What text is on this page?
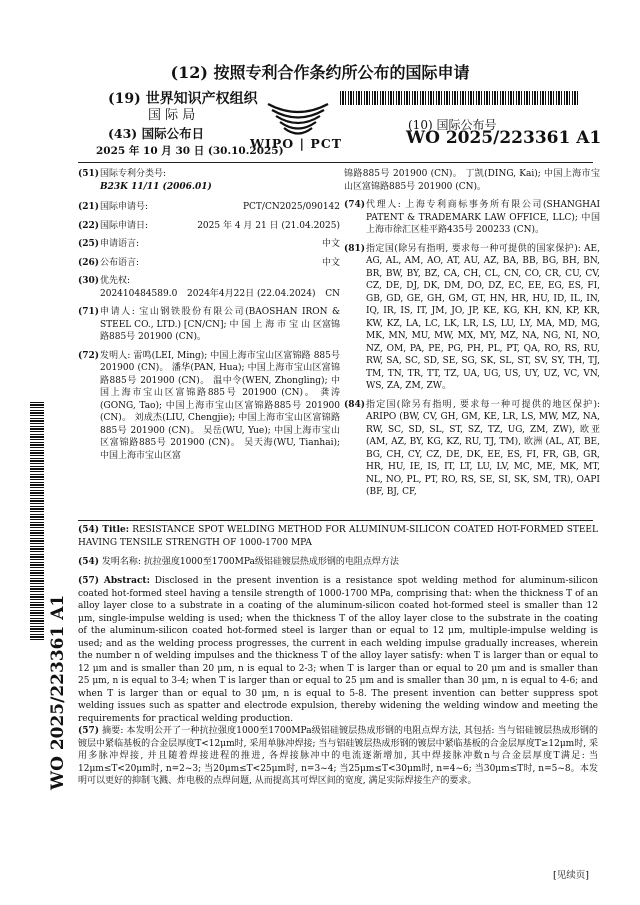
(12) 按照专利合作条约所公布的国际申请
(19) 世界知识产权组织
国 际 局
(43) 国际公布日
2025 年 10 月 30 日 (30.10.2025)
WIPO | PCT
(10) 国际公布号
WO 2025/223361 A1
(51) 国际专利分类号:
B23K 11/11 (2006.01)
(21) 国际申请号:	PCT/CN2025/090142
(22) 国际申请日:	2025 年 4 月 21 日 (21.04.2025)
(25) 申请语言:	中文
(26) 公布语言:	中文
(30) 优先权:
202410484589.0 2024年4月22日 (22.04.2024) CN
(71) 申请人: 宝山钢铁股份有限公司(BAOSHAN IRON & STEEL CO., LTD.) [CN/CN]; 中 国 上 海 市 宝 山 区富锦路885号 201900 (CN)。
(72) 发明人: 雷鸣(LEI, Ming); 中国上海市宝山区富锦路 885号 201900 (CN)。 潘华(PAN, Hua); 中国上海市宝山区富锦路885号 201900 (CN)。 温中令(WEN, Zhongling); 中国上海市宝山区富锦路885号 201900 (CN)。 龚涛(GONG, Tao); 中国上海市宝山区富锦路885号 201900 (CN)。 刘成杰(LIU, Chengjie); 中国上海市宝山区富锦路885号 201900 (CN)。 吴岳(WU, Yue); 中国上海市宝山区富锦路885号 201900 (CN)。 吴天海(WU, Tianhai); 中国上海市宝山区富
锦路885号 201900 (CN)。 丁凯(DING, Kai); 中国上海市宝山区富锦路885号 201900 (CN)。
(74) 代理人: 上海专利商标事务所有限公司(SHANGHAI PATENT & TRADEMARK LAW OFFICE, LLC); 中国上海市徐汇区桂平路435号 200233 (CN)。
(81) 指定国(除另有指明, 要求每一种可提供的国家保护): AE, AG, AL, AM, AO, AT, AU, AZ, BA, BB, BG, BH, BN, BR, BW, BY, BZ, CA, CH, CL, CN, CO, CR, CU, CV, CZ, DE, DJ, DK, DM, DO, DZ, EC, EE, EG, ES, FI, GB, GD, GE, GH, GM, GT, HN, HR, HU, ID, IL, IN, IQ, IR, IS, IT, JM, JO, JP, KE, KG, KH, KN, KP, KR, KW, KZ, LA, LC, LK, LR, LS, LU, LY, MA, MD, MG, MK, MN, MU, MW, MX, MY, MZ, NA, NG, NI, NO, NZ, OM, PA, PE, PG, PH, PL, PT, QA, RO, RS, RU, RW, SA, SC, SD, SE, SG, SK, SL, ST, SV, SY, TH, TJ, TM, TN, TR, TT, TZ, UA, UG, US, UY, UZ, VC, VN, WS, ZA, ZM, ZW。
(84) 指定国(除另有指明, 要求每一种可提供的地区保护): ARIPO (BW, CV, GH, GM, KE, LR, LS, MW, MZ, NA, RW, SC, SD, SL, ST, SZ, TZ, UG, ZM, ZW), 欧亚 (AM, AZ, BY, KG, KZ, RU, TJ, TM), 欧洲 (AL, AT, BE, BG, CH, CY, CZ, DE, DK, EE, ES, FI, FR, GB, GR, HR, HU, IE, IS, IT, LT, LU, LV, MC, ME, MK, MT, NL, NO, PL, PT, RO, RS, SE, SI, SK, SM, TR), OAPI (BF, BJ, CF,
WO 2025/223361 A1
(54) Title: RESISTANCE SPOT WELDING METHOD FOR ALUMINUM-SILICON COATED HOT-FORMED STEEL HAVING TENSILE STRENGTH OF 1000-1700 MPA
(54) 发明名称: 抗拉强度1000至1700MPa级铝硅镀层热成形钢的电阻点焊方法
(57) Abstract: Disclosed in the present invention is a resistance spot welding method for aluminum-silicon coated hot-formed steel having a tensile strength of 1000-1700 MPa, comprising that: when the thickness T of an alloy layer close to a substrate in a coating of the aluminum-silicon coated hot-formed steel is smaller than 12 μm, single-impulse welding is used; when the thickness T of the alloy layer close to the substrate in the coating of the aluminum-silicon coated hot-formed steel is larger than or equal to 12 μm, multiple-impulse welding is used; and as the welding process progresses, the current in each welding impulse gradually increases, wherein the number n of welding impulses and the thickness T of the alloy layer satisfy: when T is larger than or equal to 12 μm and is smaller than 20 μm, n is equal to 2-3; when T is larger than or equal to 20 μm and is smaller than 25 μm, n is equal to 3-4; when T is larger than or equal to 25 μm and is smaller than 30 μm, n is equal to 4-6; and when T is larger than or equal to 30 μm, n is equal to 5-8. The present invention can better suppress spot welding issues such as spatter and electrode expulsion, thereby widening the welding window and meeting the requirements for practical welding production.
(57) 摘要: 本发明公开了一种抗拉强度1000至1700MPa级铝硅镀层热成形钢的电阻点焊方法, 其包括: 当与铝硅镀层热成形钢的镀层中紧临基板的合金层厚度T<12μm时, 采用单脉冲焊接; 当与铝硅镀层热成形钢的镀层中紧临基板的合金层厚度T≥12μm时, 采用多脉冲焊接, 并且随着焊接进程的推进, 各焊接脉冲中的电流逐渐增加, 其中焊接脉冲数n与合金层厚度T满足: 当12μm≤T<20μm时, n=2~3; 当20μm≤T<25μm时, n=3~4; 当25μm≤T<30μm时, n=4~6; 当30μm≤T时, n=5~8。本发明可以更好的抑制飞溅、炸电极的点焊问题, 从而提高其可焊区间的宽度, 满足实际焊接生产的要求。
[见续页]
